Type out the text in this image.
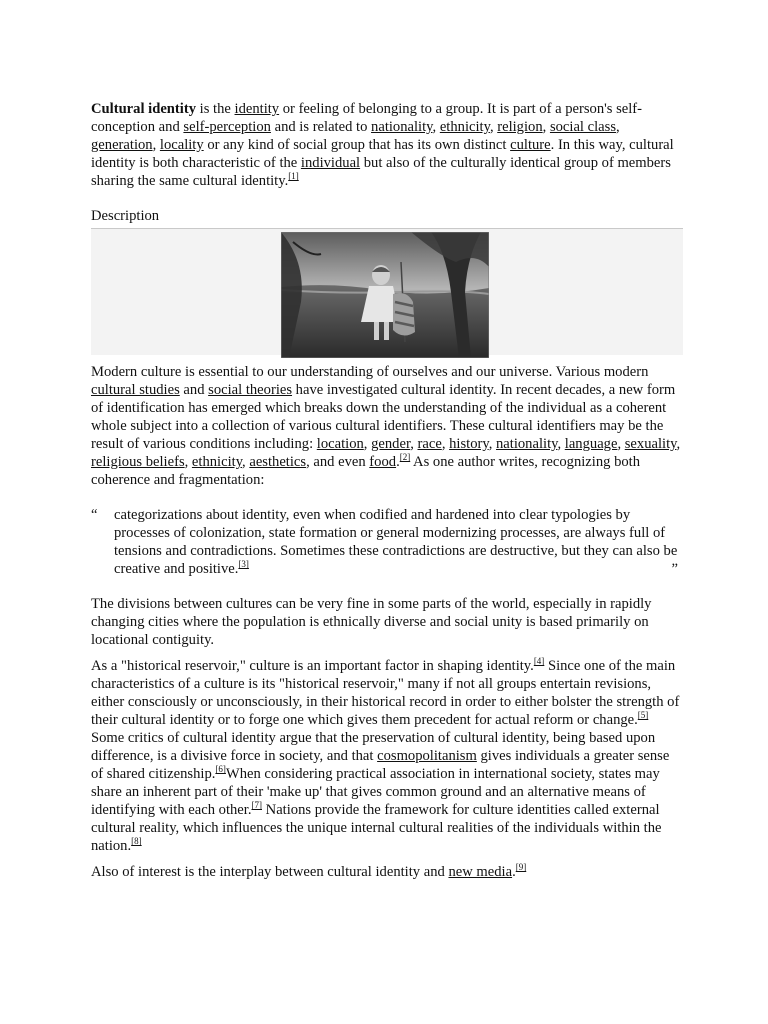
Cultural identity is the identity or feeling of belonging to a group. It is part of a person's self-conception and self-perception and is related to nationality, ethnicity, religion, social class, generation, locality or any kind of social group that has its own distinct culture. In this way, cultural identity is both characteristic of the individual but also of the culturally identical group of members sharing the same cultural identity.[1]

Description

Modern culture is essential to our understanding of ourselves and our universe. Various modern cultural studies and social theories have investigated cultural identity. In recent decades, a new form of identification has emerged which breaks down the understanding of the individual as a coherent whole subject into a collection of various cultural identifiers. These cultural identifiers may be the result of various conditions including: location, gender, race, history, nationality, language, sexuality, religious beliefs, ethnicity, aesthetics, and even food.[2] As one author writes, recognizing both coherence and fragmentation:

“ categorizations about identity, even when codified and hardened into clear typologies by processes of colonization, state formation or general modernizing processes, are always full of tensions and contradictions. Sometimes these contradictions are destructive, but they can also be creative and positive.[3]	”

The divisions between cultures can be very fine in some parts of the world, especially in rapidly changing cities where the population is ethnically diverse and social unity is based primarily on locational contiguity.

As a "historical reservoir," culture is an important factor in shaping identity.[4] Since one of the main characteristics of a culture is its "historical reservoir," many if not all groups entertain revisions, either consciously or unconsciously, in their historical record in order to either bolster the strength of their cultural identity or to forge one which gives them precedent for actual reform or change.[5] Some critics of cultural identity argue that the preservation of cultural identity, being based upon difference, is a divisive force in society, and that cosmopolitanism gives individuals a greater sense of shared citizenship.[6]When considering practical association in international society, states may share an inherent part of their 'make up' that gives common ground and an alternative means of identifying with each other.[7] Nations provide the framework for culture identities called external cultural reality, which influences the unique internal cultural realities of the individuals within the nation.[8]

Also of interest is the interplay between cultural identity and new media.[9]
